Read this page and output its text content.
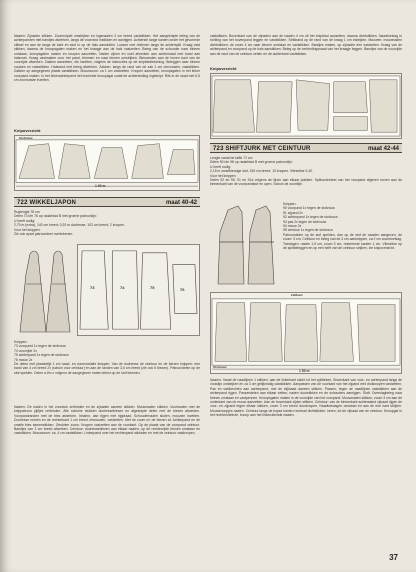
Naaien: Zijnaden stikken. Zoomrolpiet omstrijken en ingenaaien 3 cm breed vaststikken. Het aangeknipte beleg van de achterpanden met bandjes afwerken, langs de voorrand instikken en aanrijgen. Achterste lange kanten onder het gevormde stiksel en aan de langs de kant en sluit in op de hals aansluiten. Lussen met rekleven langs de achtersplit. Kraag vast stikken, daarna de knoopsgaten maken en het kraagje aan de hals vastzetten. Beleg van de schouder naar binnen omslaan, knoopsgaten maken en knopen aanzetten. Naden zijnen en voet afwerken aan achternaad met band aan halsvoet. Kraag vastmaken voor het pand, trimmen en naar binnen omstrijken. Biesranden aan de boven kant van de voorzijde afwerken. Zakken aanzetten, rits inzetten, volgens de instructies op de knipbladtekening. Beleggen naar binnen vouwen en vaststikken. Halsrand met beleg afwerken. Zakken: langs de rand van de zak 1 cm omvouwen, vaststikken. Zakken op aangegeven plaats vaststikken. Mouwzoom: ca 1 cm vastzetten. Knopen aanzetten, knoopsgaten in het linker voorpand maken. In het linkerachterpand het bovenste knoopsgat zodat de achtersluiting ingeknipt. Rits in de naad met 6,5 cm zoomvaste inzetten.
Knipoverzicht
Stofvouw
1 60 m
722 WIKKELJAPON	maat 40-42
Ruglengte 78 cm
Delen 73 t/m 76 op radarblad B met groene patroonlijn:
U heeft nodig:
2,70 m (extra), 140 cm breed; 0,25 m duchesse, 102 cm breed; 2 knopen.
Voor het knippen:
Zie ook apart patroondeel overtekenen.
73	74	75	76
Knippen:
73 voorpand 1x tegen de stofvouw
74 voorzijde 2x
75 achterpand 1x tegen de stofvouw
76 mouw 2x
De delen met plaatselijk 1 cm naad- en zoomvariatie knippen. Van de duchesse de ceintuur en de biezen knippen: een band van 4 cm breed 2x (schuin voor ceintuur) en aan de randen van 3,5 cm breed (zie ook 6 biezen). Patroondelen op de stof spelden. Delen a t/m c volgens de aangegeven maten direct op de stof tekenen.
Naaien: De naden in het voorstuk verbinden en de zijnaden aaneen stikken. Mouwnaden stikken. Voorkanten met de knippatroon pijltjes verbinden. Alle schuine stukken duchessebiezen en afgeknipte delen met de biezen afwerken. Voorpandranden met de bies afwerken. Inhalen, dan rijgen met rijgdraad. Schoudernaden sluiten, mouwen inzetten. Duchesse nemen en de rechterkant 1 cm breed omvouwen, vastzetten. Met de zoom en de biezen af. Achterpand en de smalle bies samenstikken. Gesloten zoom. Knopen vastzetten aan de voorkant. Op de plaats van de voorpand ceintuur. Bandjes van 3 cm breed afwerken. Ceintuur: duchessebiezen aan elkaar naaien, op de rechterzijde binnen omslaan en vaststikken. Mouwzoom: ca. 4 cm vaststikken. Linkerpand over het rechterpand wikkelen en met de ceintuur vastknopen.
vaststikken. Bovenkant van de zijnaden aan de naaien 4 cm uit het knipblad aanzetten, daarna dichtstikken. Naadtoeslag in richting van het bovenpand leggen en vaststikken. Strikband op de rand van de kraag 1 cm instrijken. Mouwen: mouwnaden dichtstikken; de zoom 4 cm naar binnen omslaan en vaststikken. Bandjes maken, op zijnaden een vastzetten. Kraag van de achterpand en voorpand op de hals aanstikken. Beleg op de verbindingsnaad van het kraagje leggen. Bandjes van de voorzijde aan de rand van de ceintuur zetten en de achterkant vaststikken.
Knipoverzicht
723 SHIFTJURK MET CEINTUUR	maat 42-44
Lengte vanaf de taille 72 cm
Delen 90 t/m 98 op radarblad B met groene patroonlijn:
U heeft nodig:
2,15 m zwartkleurige stof, 150 cm breed. 10 knopen. Vlieseline 0,40.
Voor het knippen:
Delen 92 en 95, 91 en 91a volgens de lijnen aan elkaar plakken. Splitonderdeel van het voorpand afgeven boven aan de binnenkant van de voorpandstof en open. Schuin de zoomlijn.
Knippen:
90 voorpand 1x tegen de stofvouw
91 zijpand 2x
92 achterpand 1x tegen de stofvouw
93 pas 2x tegen de stofvouw
94 mouw 2x
95 ceintuur 1x tegen de stofvouw
Patroondelen op de stof spelden, dan op de stof de naaden aangeven, de zoom: 3 cm. Ceintuur en beleg van de 3 cm aanknippen, ca 2 cm zoomtoeslag. Toeslagen: naden 1,5 cm, zoom 3 cm, resterende kanten 1 cm. Vlieseline op de splitbeleggen en op een helft van de ceintuur strijken, zie knipoverzicht.
Zelfkant
Stofvouw
1 50 m
Naaien: Vanaf de naadlijnen 1 stikken, aan de linkerkant sticht tot het splitteken. Bovenkant van voor- en achterpand langs de vouwlijn omstrijken en ca 3 cm gelijkmatig vaststikken. Aanpassen van de voorkant van het zijpand met drukknopen vastzetten. Pas en vasthechten aan achterpand, met de stijlnaad aaneen stikken. Passen, tegen de naadlijnen vaststikken aan de achterpand rijgen. Passendelen aan elkaar zetten, naden doorstikken en de schouders aanrijgen. Sloft: Overslagbeleg naar binnen omslaan en vastpennen. Knoopsgaten maken in de voorzijde van het voorpand. Mouwnaden stikken, zoom 3 cm aan de onderkant van de mouw aanzetten. Aan de bovenkant zijden stikken. Ceintuur: van de binnenkant achterstand zijnaad rijgen de voor- en zijpand tegen elkaar stikken, zoom 3 cm breed doorknopen. Naadtoeslagen omslaan en aan de ene kant strijken. Mouwknoopjes naaien. Ceintuur langs de kopse kanten rechtsaf dichtstikken, keren, tot de zijnaad van de ceintuur. Knoopgat in het rechteruiteinde, knoop aan het linkeruiteinde naaien.
37
